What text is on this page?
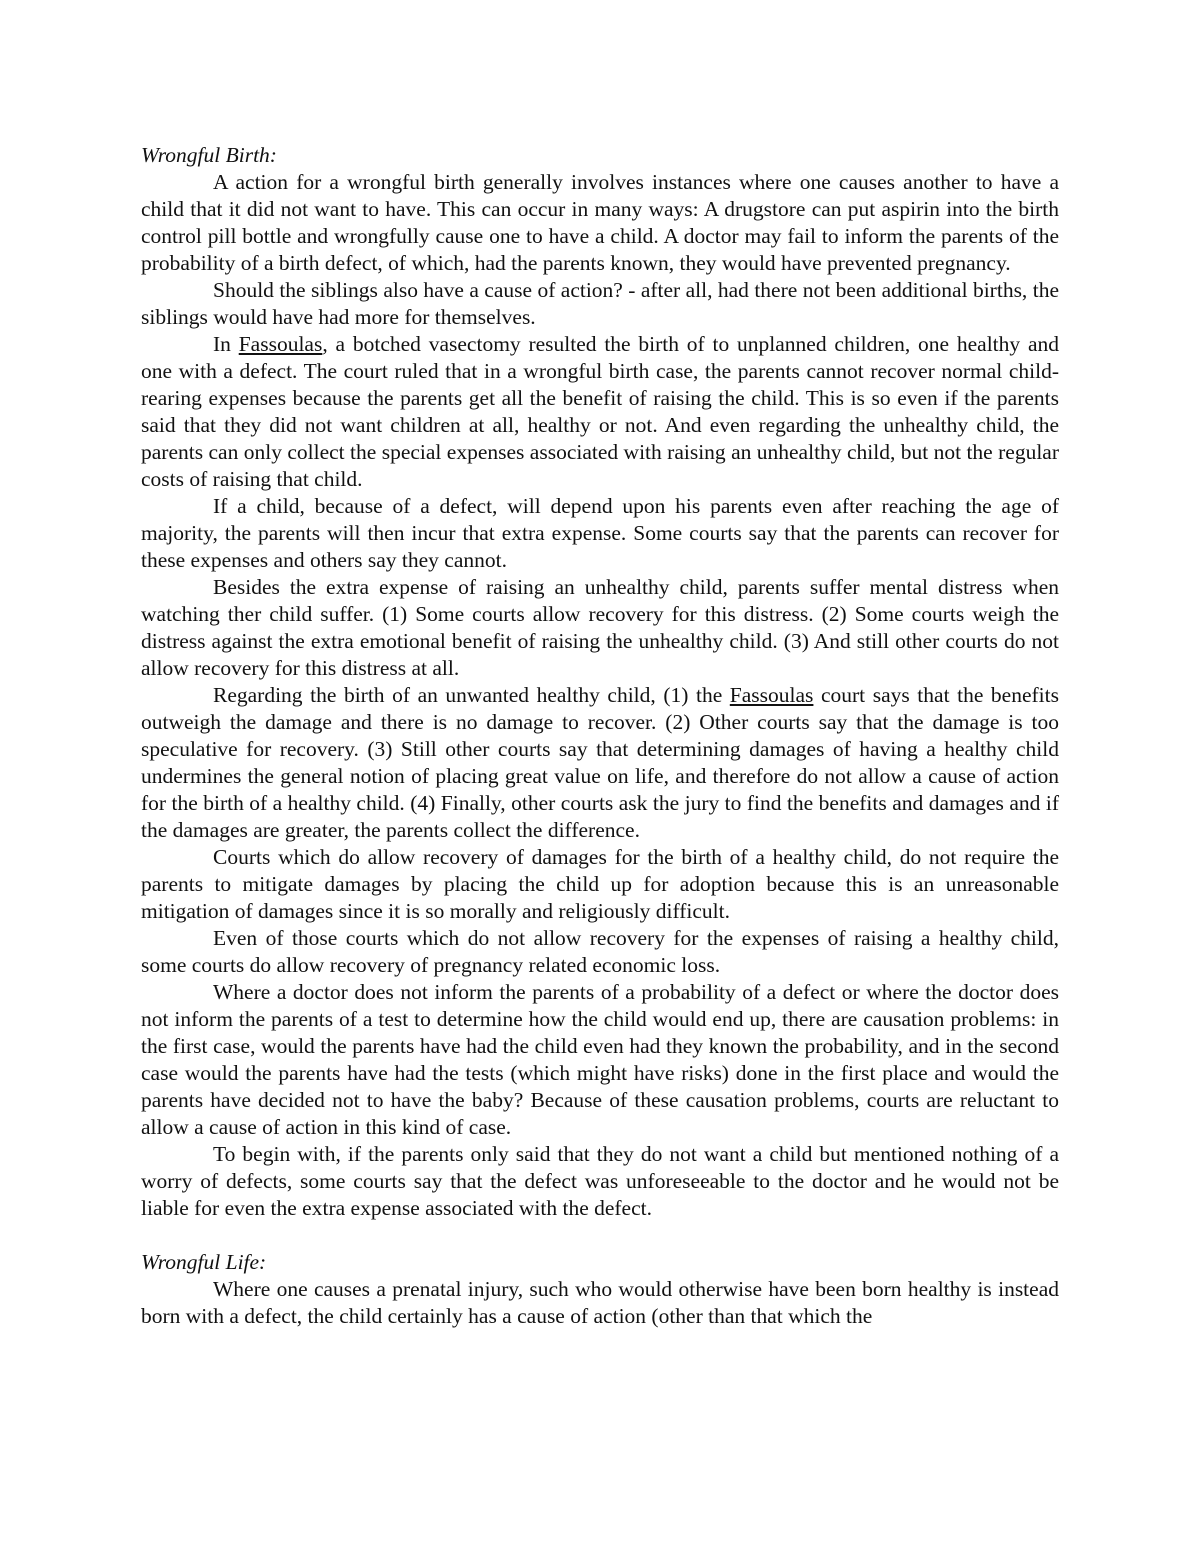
Wrongful Birth:

A action for a wrongful birth generally involves instances where one causes another to have a child that it did not want to have. This can occur in many ways: A drugstore can put aspirin into the birth control pill bottle and wrongfully cause one to have a child. A doctor may fail to inform the parents of the probability of a birth defect, of which, had the parents known, they would have prevented pregnancy.

Should the siblings also have a cause of action? - after all, had there not been additional births, the siblings would have had more for themselves.

In Fassoulas, a botched vasectomy resulted the birth of to unplanned children, one healthy and one with a defect. The court ruled that in a wrongful birth case, the parents cannot recover normal child-rearing expenses because the parents get all the benefit of raising the child. This is so even if the parents said that they did not want children at all, healthy or not. And even regarding the unhealthy child, the parents can only collect the special expenses associated with raising an unhealthy child, but not the regular costs of raising that child.

If a child, because of a defect, will depend upon his parents even after reaching the age of majority, the parents will then incur that extra expense. Some courts say that the parents can recover for these expenses and others say they cannot.

Besides the extra expense of raising an unhealthy child, parents suffer mental distress when watching ther child suffer. (1) Some courts allow recovery for this distress. (2) Some courts weigh the distress against the extra emotional benefit of raising the unhealthy child. (3) And still other courts do not allow recovery for this distress at all.

Regarding the birth of an unwanted healthy child, (1) the Fassoulas court says that the benefits outweigh the damage and there is no damage to recover. (2) Other courts say that the damage is too speculative for recovery. (3) Still other courts say that determining damages of having a healthy child undermines the general notion of placing great value on life, and therefore do not allow a cause of action for the birth of a healthy child. (4) Finally, other courts ask the jury to find the benefits and damages and if the damages are greater, the parents collect the difference.

Courts which do allow recovery of damages for the birth of a healthy child, do not require the parents to mitigate damages by placing the child up for adoption because this is an unreasonable mitigation of damages since it is so morally and religiously difficult.

Even of those courts which do not allow recovery for the expenses of raising a healthy child, some courts do allow recovery of pregnancy related economic loss.

Where a doctor does not inform the parents of a probability of a defect or where the doctor does not inform the parents of a test to determine how the child would end up, there are causation problems: in the first case, would the parents have had the child even had they known the probability, and in the second case would the parents have had the tests (which might have risks) done in the first place and would the parents have decided not to have the baby? Because of these causation problems, courts are reluctant to allow a cause of action in this kind of case.

To begin with, if the parents only said that they do not want a child but mentioned nothing of a worry of defects, some courts say that the defect was unforeseeable to the doctor and he would not be liable for even the extra expense associated with the defect.

Wrongful Life:

Where one causes a prenatal injury, such who would otherwise have been born healthy is instead born with a defect, the child certainly has a cause of action (other than that which the
